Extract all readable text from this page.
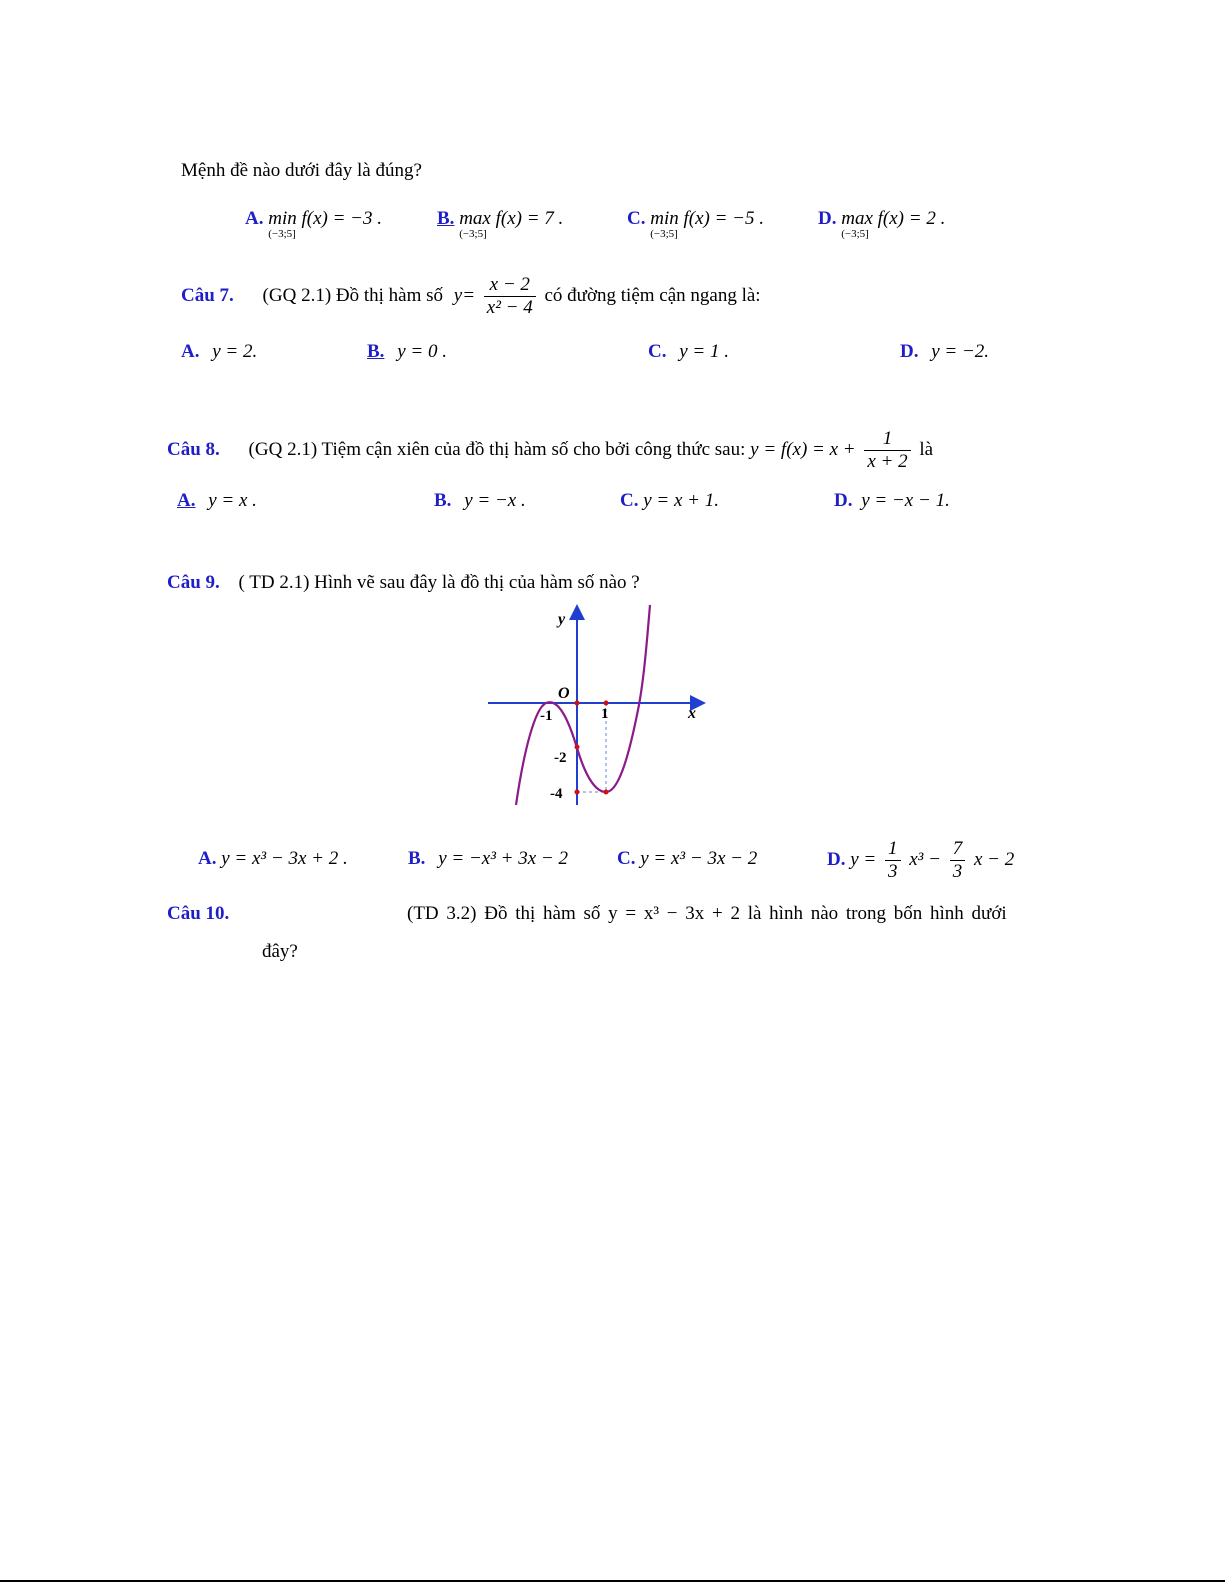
Mệnh đề nào dưới đây là đúng?
A. min
(−3;5]
f(x) = −3 .	B. max
(−3;5]
f(x) = 7 .	C. min
(−3;5]
f(x) = −5 .	D. max
(−3;5]
f(x) = 2 .
Câu 7. (GQ 2.1) Đồ thị hàm số $y= \frac{x - 2}{\text{x² − 4}}$ có đường tiệm cận ngang là:
A. y = 2.	B. y = 0 .	C. y = 1 .	D. y = −2.
Câu 8. (GQ 2.1) Tiệm cận xiên của đồ thị hàm số cho bởi công thức sau: $y = f(x) = x + \frac{1}{x + 2}$ là
A. y = x .	B. y = −x .	C. y = x + 1.	D. y = −x − 1.
Câu 9. ( TD 2.1) Hình vẽ sau đây là đồ thị của hàm số nào ?
y
x
O
-1	1
-2
-4
A. y = x³ − 3x + 2 .	B. y = −x³ + 3x − 2	C. y = x³ − 3x − 2	D. $y = \frac{1}{3} x^3 - \frac{7}{3}$ x − 2
Câu 10.	(TD 3.2) Đồ thị hàm số y = x³ − 3x + 2 là hình nào trong bốn hình dưới
đây?
